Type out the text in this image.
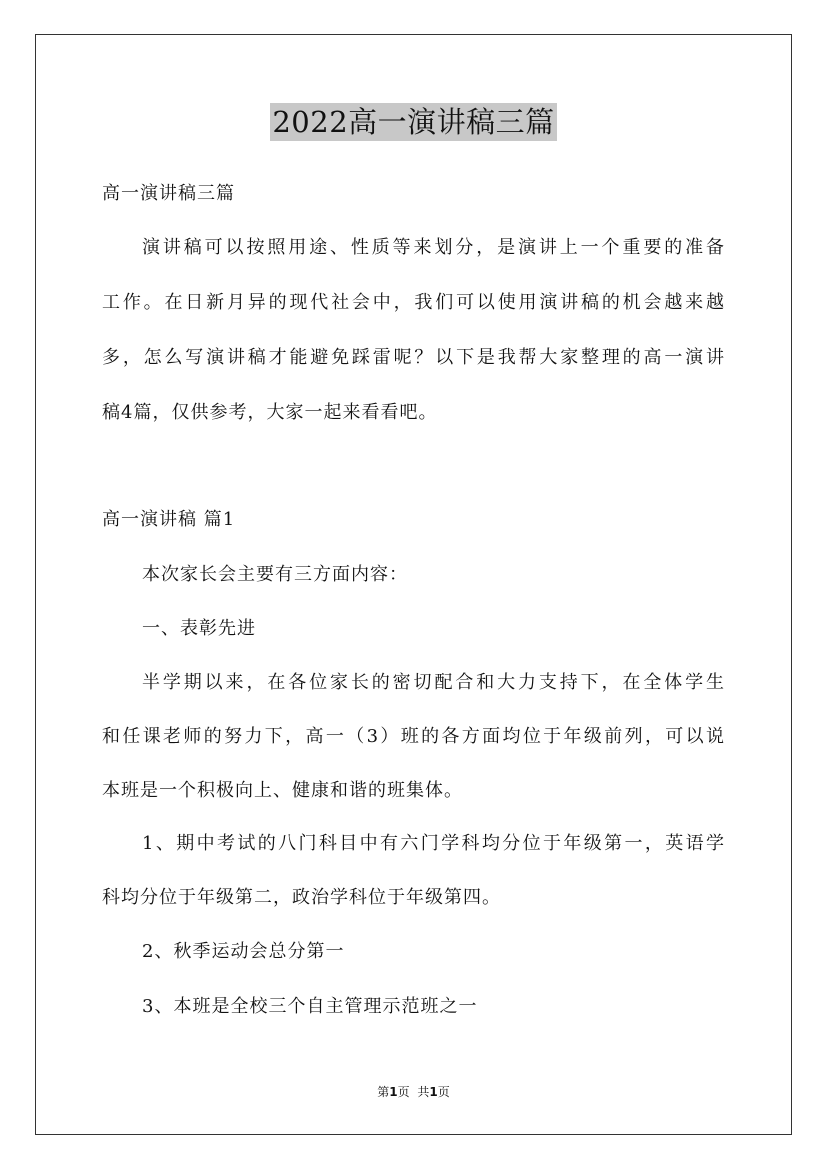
2022高一演讲稿三篇
高一演讲稿三篇
演讲稿可以按照用途、性质等来划分，是演讲上一个重要的准备
工作。在日新月异的现代社会中，我们可以使用演讲稿的机会越来越
多，怎么写演讲稿才能避免踩雷呢？以下是我帮大家整理的高一演讲
稿4篇，仅供参考，大家一起来看看吧。
高一演讲稿 篇1
本次家长会主要有三方面内容：
一、表彰先进
半学期以来，在各位家长的密切配合和大力支持下，在全体学生
和任课老师的努力下，高一（3）班的各方面均位于年级前列，可以说
本班是一个积极向上、健康和谐的班集体。
1、期中考试的八门科目中有六门学科均分位于年级第一，英语学
科均分位于年级第二，政治学科位于年级第四。
2、秋季运动会总分第一
3、本班是全校三个自主管理示范班之一
第1页 共1页
